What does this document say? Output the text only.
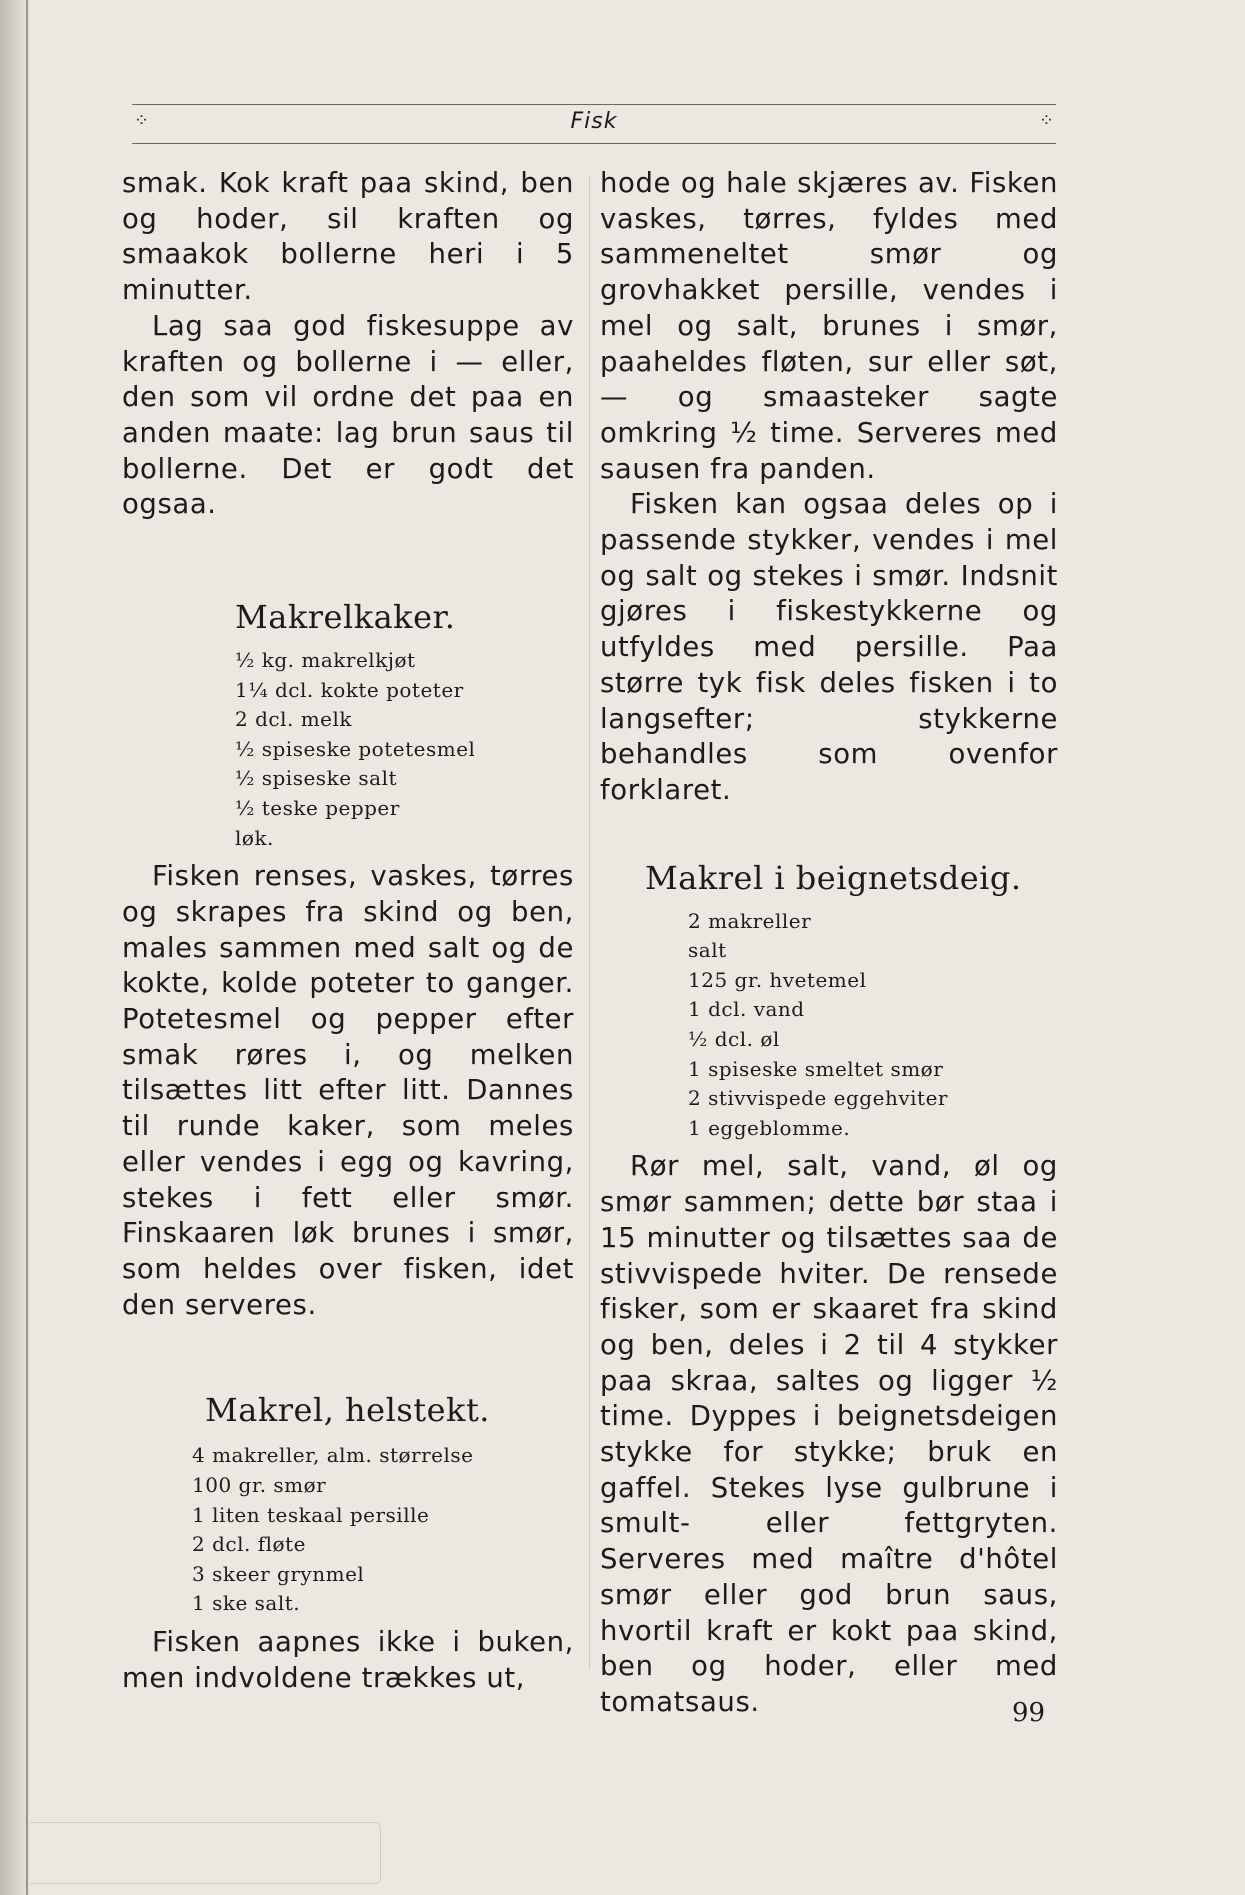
⁘	Fisk	⁘

smak. Kok kraft paa skind, ben og hoder, sil kraften og smaakok bollerne heri i 5 minutter.

Lag saa god fiskesuppe av kraften og bollerne i — eller, den som vil ordne det paa en anden maate: lag brun saus til bollerne. Det er godt det ogsaa.

Makrelkaker.
½ kg. makrelkjøt
1¼ dcl. kokte poteter
2 dcl. melk
½ spiseske potetesmel
½ spiseske salt
½ teske pepper
løk.

Fisken renses, vaskes, tørres og skrapes fra skind og ben, males sammen med salt og de kokte, kolde poteter to ganger. Potetesmel og pepper efter smak røres i, og melken tilsættes litt efter litt. Dannes til runde kaker, som meles eller vendes i egg og kavring, stekes i fett eller smør. Finskaaren løk brunes i smør, som heldes over fisken, idet den serveres.

Makrel, helstekt.
4 makreller, alm. størrelse
100 gr. smør
1 liten teskaal persille
2 dcl. fløte
3 skeer grynmel
1 ske salt.

Fisken aapnes ikke i buken, men indvoldene trækkes ut,

hode og hale skjæres av. Fisken vaskes, tørres, fyldes med sammeneltet smør og grovhakket persille, vendes i mel og salt, brunes i smør, paaheldes fløten, sur eller søt, — og smaasteker sagte omkring ½ time. Serveres med sausen fra panden.

Fisken kan ogsaa deles op i passende stykker, vendes i mel og salt og stekes i smør. Indsnit gjøres i fiskestykkerne og utfyldes med persille. Paa større tyk fisk deles fisken i to langsefter; stykkerne behandles som ovenfor forklaret.

Makrel i beignetsdeig.
2 makreller
salt
125 gr. hvetemel
1 dcl. vand
½ dcl. øl
1 spiseske smeltet smør
2 stivvispede eggehviter
1 eggeblomme.

Rør mel, salt, vand, øl og smør sammen; dette bør staa i 15 minutter og tilsættes saa de stivvispede hviter. De rensede fisker, som er skaaret fra skind og ben, deles i 2 til 4 stykker paa skraa, saltes og ligger ½ time. Dyppes i beignetsdeigen stykke for stykke; bruk en gaffel. Stekes lyse gulbrune i smult- eller fettgryten. Serveres med maître d'hôtel smør eller god brun saus, hvortil kraft er kokt paa skind, ben og hoder, eller med tomatsaus.	99
